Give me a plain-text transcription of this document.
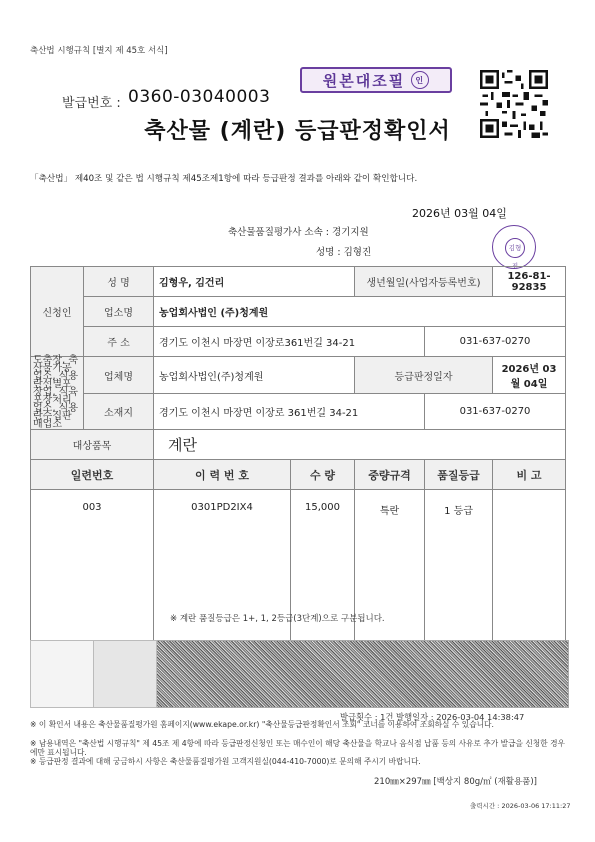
축산법 시행규칙 [별지 제 45호 서식]
발급번호 : 0360-03040003
원본대조필	인
축산물 (계란) 등급판정확인서
「축산법」 제40조 및 같은 법 시행규칙 제45조제1항에 따라 등급판정 결과를 아래와 같이 확인합니다.
2026년 03월 04일
축산물품질평가사 소속 : 경기지원
성명 : 김형진	김형진
신청인	성 명	김형우, 김건리		생년월일(사업자등록번호)		126-81-92835
	업소명	농업회사법인 (주)청계원				
	주 소	경기도 이천시 마장면 이장로361번길 34-21			031-637-0270	
도축장, 축산물가공업소, 식용란선별포장업, 식육포장처리업소, 식용란수집판매업소	업체명	농업회사법인(주)청계원		등급판정일자		2026년 03월 04일
	소재지	경기도 이천시 마장면 이장로 361번길 34-21			031-637-0270	
대상품목		계란				
일련번호		이 력 번 호	수 량	중량규격	품질등급	비 고
003		0301PD2IX4	15,000	특란	1 등급	
※ 계란 품질등급은 1+, 1, 2등급(3단계)으로 구분됩니다.
발급횟수 : 1건 발행일자 : 2026-03-04 14:38:47
※ 이 확인서 내용은 축산물품질평가원 홈페이지(www.ekape.or.kr) "축산물등급판정확인서 조회" 코너를 이용하여 조회하실 수 있습니다.
※ 남용내역은 "축산법 시행규칙" 제 45조 제 4항에 따라 등급판정신청인 또는 매수인이 해당 축산물을 학교나 음식점 납품 등의 사유로 추가 발급을 신청한 경우에만 표시됩니다.
※ 등급판정 결과에 대해 궁금하시 사항은 축산물품질평가원 고객지원실(044-410-7000)로 문의해 주시기 바랍니다.
210㎜×297㎜ [백상지 80g/㎡ (재활용품)]
출력시간 : 2026-03-06 17:11:27
